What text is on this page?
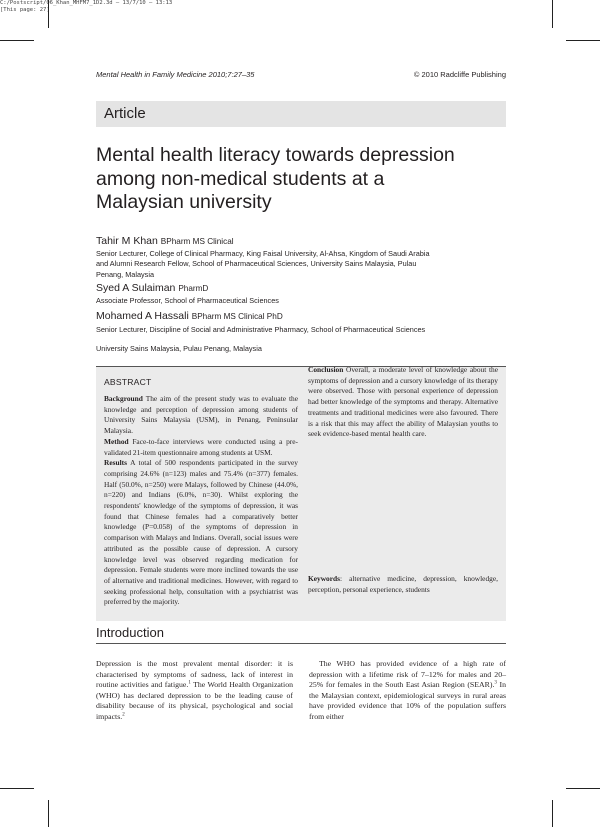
C:/Postscript/06_Khan_MHFM7_1D2.3d – 13/7/10 – 13:13
[This page: 27]
Mental Health in Family Medicine 2010;7:27–35	© 2010 Radcliffe Publishing
Article
Mental health literacy towards depression
among non-medical students at a
Malaysian university
Tahir M Khan BPharm MS Clinical
Senior Lecturer, College of Clinical Pharmacy, King Faisal University, Al-Ahsa, Kingdom of Saudi Arabia
and Alumni Research Fellow, School of Pharmaceutical Sciences, University Sains Malaysia, Pulau
Penang, Malaysia
Syed A Sulaiman PharmD
Associate Professor, School of Pharmaceutical Sciences
Mohamed A Hassali BPharm MS Clinical PhD
Senior Lecturer, Discipline of Social and Administrative Pharmacy, School of Pharmaceutical Sciences
University Sains Malaysia, Pulau Penang, Malaysia
ABSTRACT

Background The aim of the present study was to evaluate the knowledge and perception of depression among students of University Sains Malaysia (USM), in Penang, Peninsular Malaysia.

Method Face-to-face interviews were conducted using a pre-validated 21-item questionnaire among students at USM.

Results A total of 500 respondents participated in the survey comprising 24.6% (n=123) males and 75.4% (n=377) females. Half (50.0%, n=250) were Malays, followed by Chinese (44.0%, n=220) and Indians (6.0%, n=30). Whilst exploring the respondents' knowledge of the symptoms of depression, it was found that Chinese females had a comparatively better knowledge (P=0.058) of the symptoms of depression in comparison with Malays and Indians. Overall, social issues were attributed as the possible cause of depression. A cursory knowledge level was observed regarding medication for depression. Female students were more inclined towards the use of alternative and traditional medicines. However, with regard to seeking professional help, consultation with a psychiatrist was preferred by the majority.

Conclusion Overall, a moderate level of knowledge about the symptoms of depression and a cursory knowledge of its therapy were observed. Those with personal experience of depression had better knowledge of the symptoms and therapy. Alternative treatments and traditional medicines were also favoured. There is a risk that this may affect the ability of Malaysian youths to seek evidence-based mental health care.

Keywords: alternative medicine, depression, knowledge, perception, personal experience, students

Introduction

Depression is the most prevalent mental disorder: it is characterised by symptoms of sadness, lack of interest in routine activities and fatigue.$^1$ The World Health Organization (WHO) has declared depression to be the leading cause of disability because of its physical, psychological and social impacts.$^2$

The WHO has provided evidence of a high rate of depression with a lifetime risk of 7–12% for males and 20–25% for females in the South East Asian Region (SEAR).$^3$ In the Malaysian context, epidemiological surveys in rural areas have provided evidence that 10% of the population suffers from either
